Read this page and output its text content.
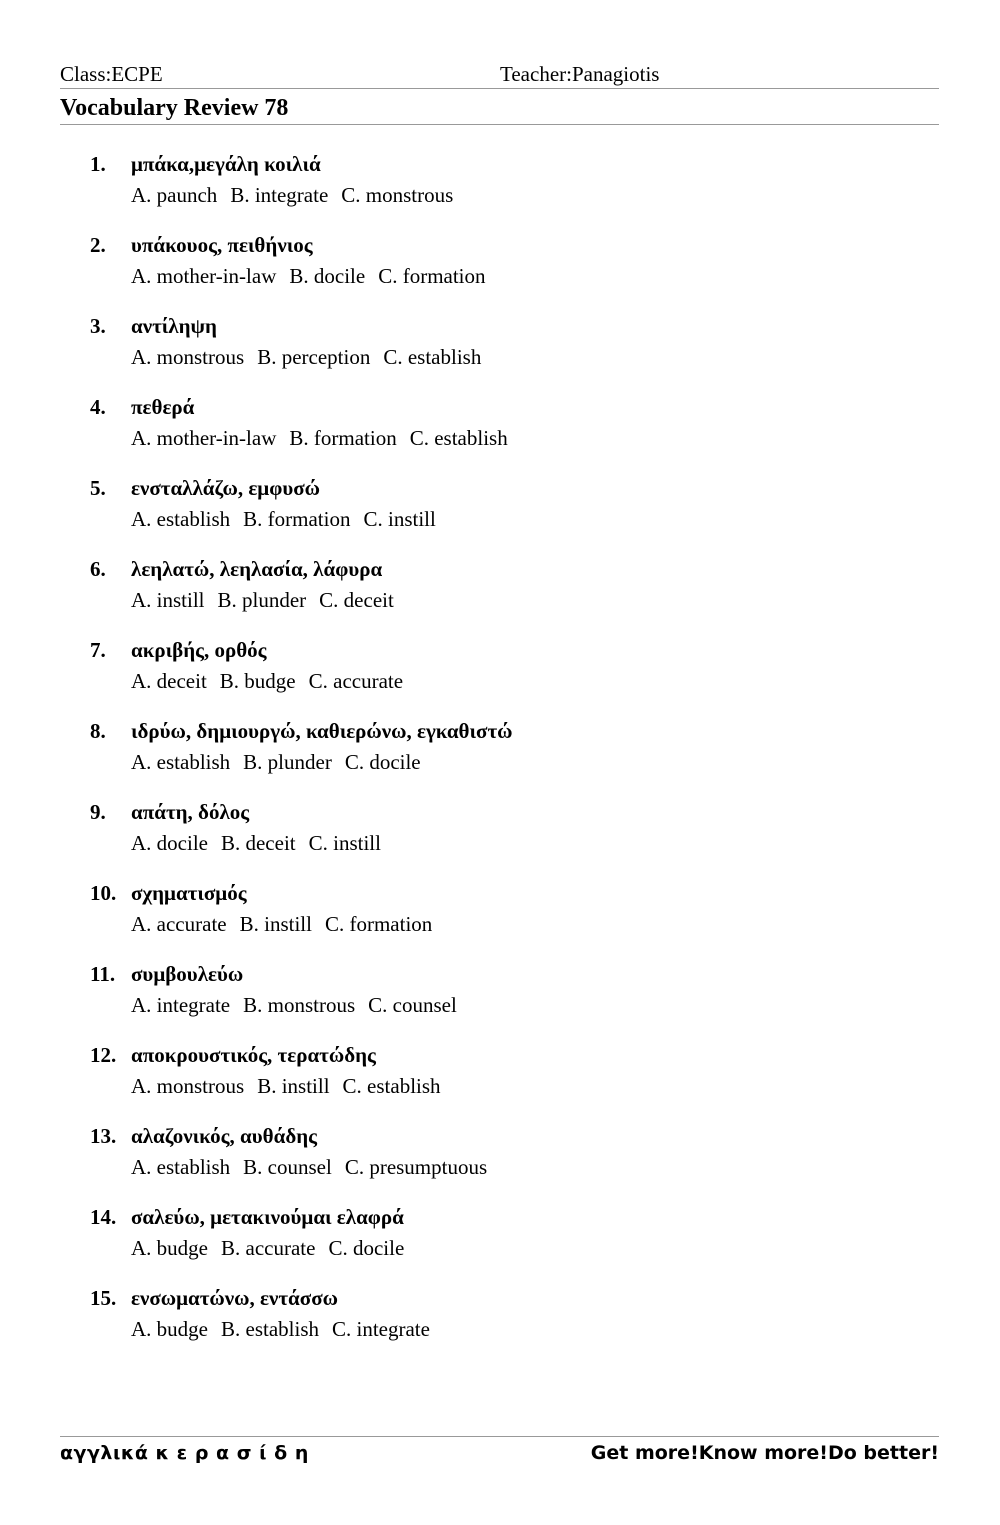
Class:ECPE	Teacher:Panagiotis
Vocabulary Review 78
1.	μπάκα,μεγάλη κοιλιά
A. paunch B. integrate C. monstrous
2.	υπάκουος, πειθήνιος
A. mother-in-law B. docile C. formation
3.	αντίληψη
A. monstrous B. perception C. establish
4.	πεθερά
A. mother-in-law B. formation C. establish
5.	ενσταλλάζω, εμφυσώ
A. establish B. formation C. instill
6.	λεηλατώ, λεηλασία, λάφυρα
A. instill B. plunder C. deceit
7.	ακριβής, ορθός
A. deceit B. budge C. accurate
8.	ιδρύω, δημιουργώ, καθιερώνω, εγκαθιστώ
A. establish B. plunder C. docile
9.	απάτη, δόλος
A. docile B. deceit C. instill
10. σχηματισμός
A. accurate B. instill C. formation
11. συμβουλεύω
A. integrate B. monstrous C. counsel
12. αποκρουστικός, τερατώδης
A. monstrous B. instill C. establish
13. αλαζονικός, αυθάδης
A. establish B. counsel C. presumptuous
14. σαλεύω, μετακινούμαι ελαφρά
A. budge B. accurate C. docile
15. ενσωματώνω, εντάσσω
A. budge B. establish C. integrate
αγγλικά κ ε ρ α σ ί δ η	Get more!Know more!Do better!
